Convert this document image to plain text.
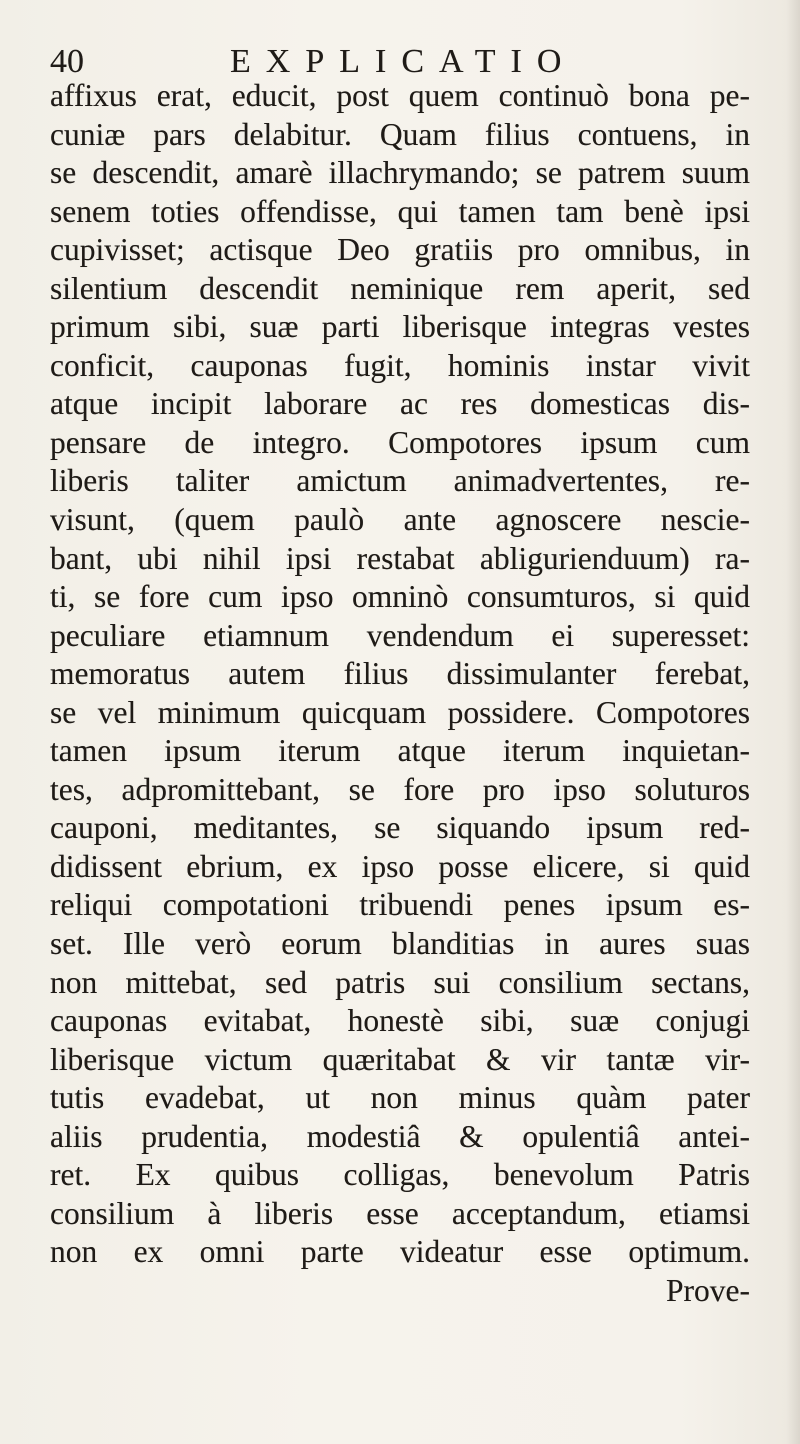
40	EXPLICATIO
affixus erat, educit, post quem continuò bona pe-
cuniæ pars delabitur. Quam filius contuens, in
se descendit, amarè illachrymando; se patrem suum
senem toties offendisse, qui tamen tam benè ipsi
cupivisset; actisque Deo gratiis pro omnibus, in
silentium descendit neminique rem aperit, sed
primum sibi, suæ parti liberisque integras vestes
conficit, cauponas fugit, hominis instar vivit
atque incipit laborare ac res domesticas dis-
pensare de integro. Compotores ipsum cum
liberis taliter amictum animadvertentes, re-
visunt, (quem paulò ante agnoscere nescie-
bant, ubi nihil ipsi restabat abligurienduum) ra-
ti, se fore cum ipso omninò consumturos, si quid
peculiare etiamnum vendendum ei superesset:
memoratus autem filius dissimulanter ferebat,
se vel minimum quicquam possidere. Compotores
tamen ipsum iterum atque iterum inquietan-
tes, adpromittebant, se fore pro ipso soluturos
cauponi, meditantes, se siquando ipsum red-
didissent ebrium, ex ipso posse elicere, si quid
reliqui compotationi tribuendi penes ipsum es-
set. Ille verò eorum blanditias in aures suas
non mittebat, sed patris sui consilium sectans,
cauponas evitabat, honestè sibi, suæ conjugi
liberisque victum quæritabat & vir tantæ vir-
tutis evadebat, ut non minus quàm pater
aliis prudentia, modestiâ & opulentiâ antei-
ret. Ex quibus colligas, benevolum Patris
consilium à liberis esse acceptandum, etiamsi
non ex omni parte videatur esse optimum.
Prove-
